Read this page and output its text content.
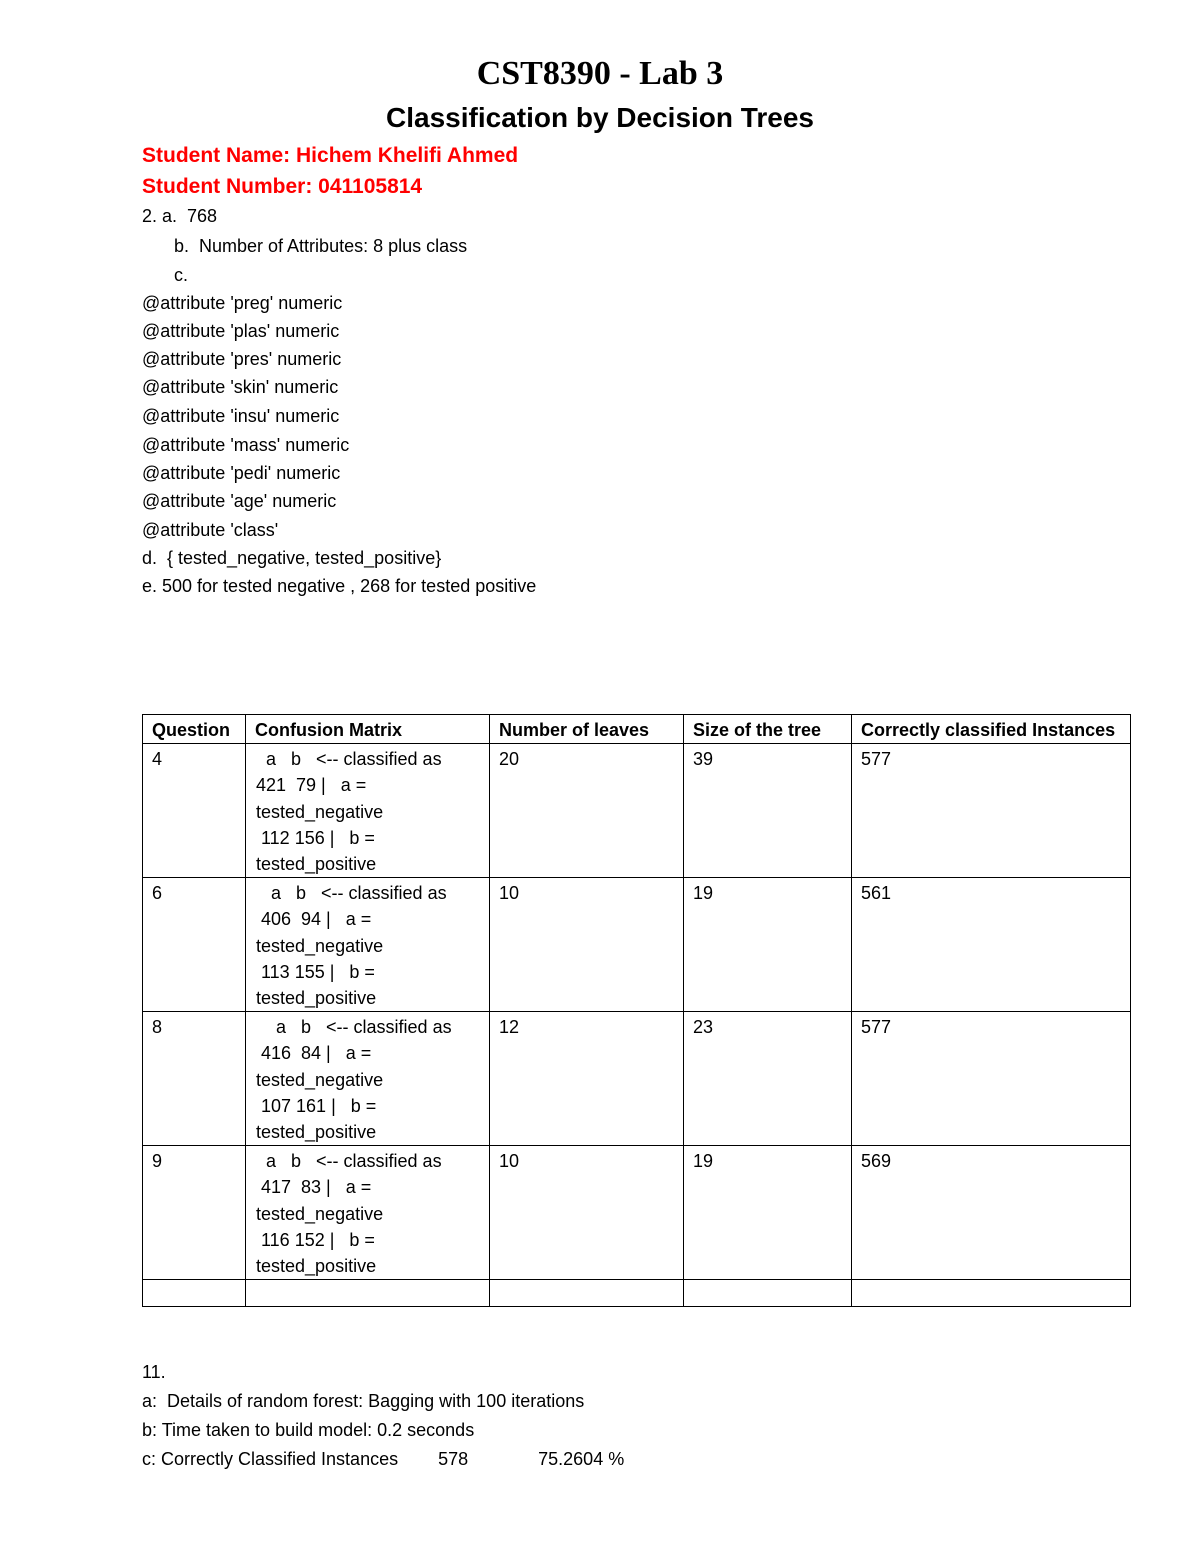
CST8390 - Lab 3
Classification by Decision Trees
Student Name: Hichem Khelifi Ahmed
Student Number: 041105814
2. a.  768
b.  Number of Attributes: 8 plus class
c.
@attribute 'preg' numeric
@attribute 'plas' numeric
@attribute 'pres' numeric
@attribute 'skin' numeric
@attribute 'insu' numeric
@attribute 'mass' numeric
@attribute 'pedi' numeric
@attribute 'age' numeric
@attribute 'class'
d.  { tested_negative, tested_positive}
e. 500 for tested negative , 268 for tested positive
Question	Confusion Matrix	Number of leaves	Size of the tree	Correctly classified Instances
4	a   b   <-- classified as
421  79 |   a =
tested_negative
112 156 |   b =
tested_positive	20	39	577
6	a   b   <-- classified as
406  94 |   a =
tested_negative
113 155 |   b =
tested_positive	10	19	561
8	a   b   <-- classified as
416  84 |   a =
tested_negative
107 161 |   b =
tested_positive	12	23	577
9	a   b   <-- classified as
417  83 |   a =
tested_negative
116 152 |   b =
tested_positive	10	19	569

11.
a:  Details of random forest: Bagging with 100 iterations
b: Time taken to build model: 0.2 seconds
c: Correctly Classified Instances        578              75.2604 %
